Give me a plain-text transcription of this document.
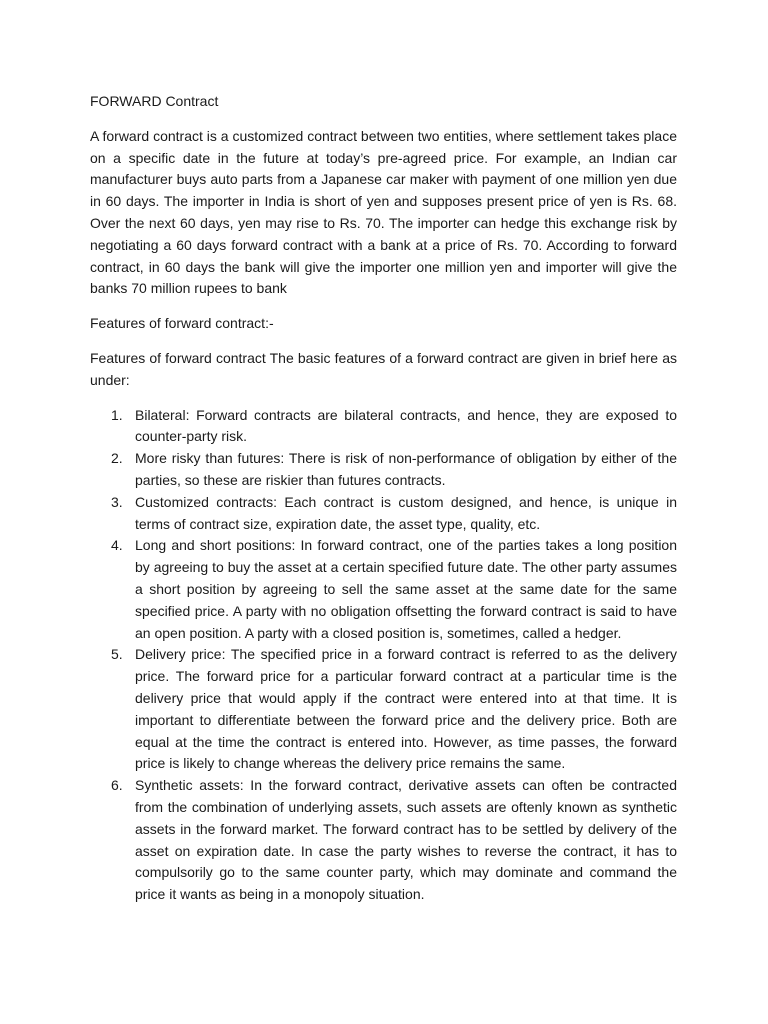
FORWARD Contract

A forward contract is a customized contract between two entities, where settlement takes place on a specific date in the future at today’s pre-agreed price. For example, an Indian car manufacturer buys auto parts from a Japanese car maker with payment of one million yen due in 60 days. The importer in India is short of yen and supposes present price of yen is Rs. 68. Over the next 60 days, yen may rise to Rs. 70. The importer can hedge this exchange risk by negotiating a 60 days forward contract with a bank at a price of Rs. 70. According to forward contract, in 60 days the bank will give the importer one million yen and importer will give the banks 70 million rupees to bank

Features of forward contract:-

Features of forward contract The basic features of a forward contract are given in brief here as under:

1. Bilateral: Forward contracts are bilateral contracts, and hence, they are exposed to counter-party risk.
2. More risky than futures: There is risk of non-performance of obligation by either of the parties, so these are riskier than futures contracts.
3. Customized contracts: Each contract is custom designed, and hence, is unique in terms of contract size, expiration date, the asset type, quality, etc.
4. Long and short positions: In forward contract, one of the parties takes a long position by agreeing to buy the asset at a certain specified future date. The other party assumes a short position by agreeing to sell the same asset at the same date for the same specified price. A party with no obligation offsetting the forward contract is said to have an open position. A party with a closed position is, sometimes, called a hedger.
5. Delivery price: The specified price in a forward contract is referred to as the delivery price. The forward price for a particular forward contract at a particular time is the delivery price that would apply if the contract were entered into at that time. It is important to differentiate between the forward price and the delivery price. Both are equal at the time the contract is entered into. However, as time passes, the forward price is likely to change whereas the delivery price remains the same.
6. Synthetic assets: In the forward contract, derivative assets can often be contracted from the combination of underlying assets, such assets are oftenly known as synthetic assets in the forward market. The forward contract has to be settled by delivery of the asset on expiration date. In case the party wishes to reverse the contract, it has to compulsorily go to the same counter party, which may dominate and command the price it wants as being in a monopoly situation.
